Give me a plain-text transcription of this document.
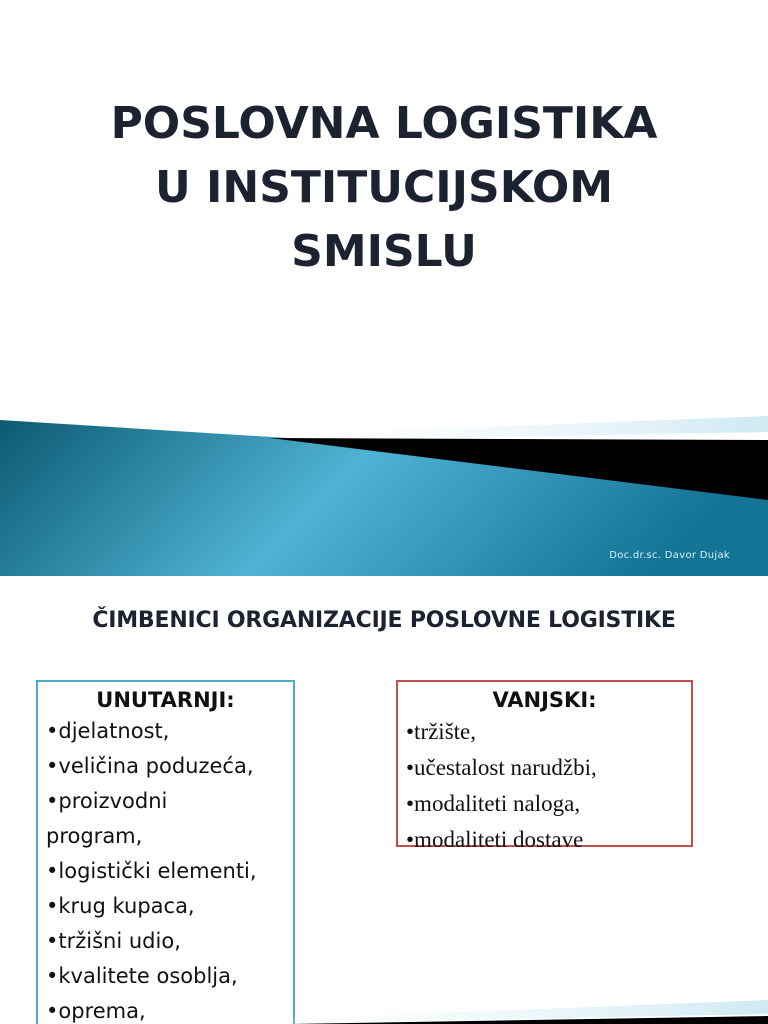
POSLOVNA LOGISTIKA
U INSTITUCIJSKOM
SMISLU

Doc.dr.sc. Davor Dujak

ČIMBENICI ORGANIZACIJE POSLOVNE LOGISTIKE
UNUTARNJI:
•djelatnost,
•veličina poduzeća,
•proizvodni
program,
•logistički elementi,
•krug kupaca,
•tržišni udio,
•kvalitete osoblja,
•oprema,
VANJSKI:
•tržište,
•učestalost narudžbi,
•modaliteti naloga,
•modaliteti dostave
